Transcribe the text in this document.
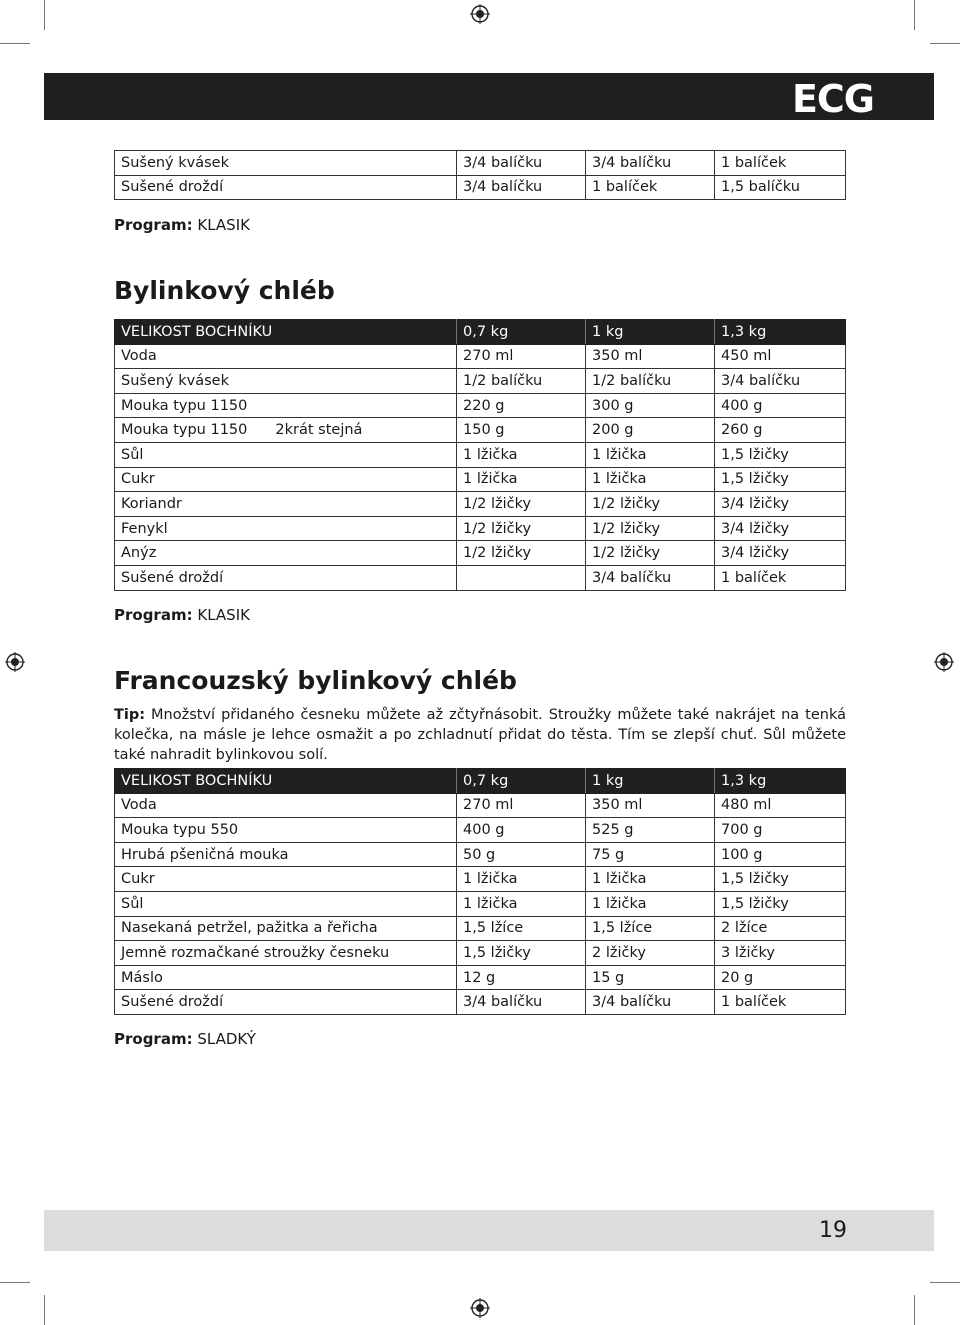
ECG
Sušený kvásek	3/4 balíčku	3/4 balíčku	1 balíček
Sušené droždí	3/4 balíčku	1 balíček	1,5 balíčku
Program: KLASIK
Bylinkový chléb
VELIKOST BOCHNÍKU	0,7 kg	1 kg	1,3 kg
Voda	270 ml	350 ml	450 ml
Sušený kvásek	1/2 balíčku	1/2 balíčku	3/4 balíčku
Mouka typu 1150	220 g	300 g	400 g
Mouka typu 1150 2krát stejná	150 g	200 g	260 g
Sůl	1 lžička	1 lžička	1,5 lžičky
Cukr	1 lžička	1 lžička	1,5 lžičky
Koriandr	1/2 lžičky	1/2 lžičky	3/4 lžičky
Fenykl	1/2 lžičky	1/2 lžičky	3/4 lžičky
Anýz	1/2 lžičky	1/2 lžičky	3/4 lžičky
Sušené droždí		3/4 balíčku	1 balíček
Program: KLASIK
Francouzský bylinkový chléb
Tip: Množství přidaného česneku můžete až zčtyřnásobit. Stroužky můžete také nakrájet na tenká kolečka, na másle je lehce osmažit a po zchladnutí přidat do těsta. Tím se zlepší chuť. Sůl můžete také nahradit bylinkovou solí.
VELIKOST BOCHNÍKU	0,7 kg	1 kg	1,3 kg
Voda	270 ml	350 ml	480 ml
Mouka typu 550	400 g	525 g	700 g
Hrubá pšeničná mouka	50 g	75 g	100 g
Cukr	1 lžička	1 lžička	1,5 lžičky
Sůl	1 lžička	1 lžička	1,5 lžičky
Nasekaná petržel, pažitka a řeřicha	1,5 lžíce	1,5 lžíce	2 lžíce
Jemně rozmačkané stroužky česneku	1,5 lžičky	2 lžičky	3 lžičky
Máslo	12 g	15 g	20 g
Sušené droždí	3/4 balíčku	3/4 balíčku	1 balíček
Program: SLADKÝ
19
